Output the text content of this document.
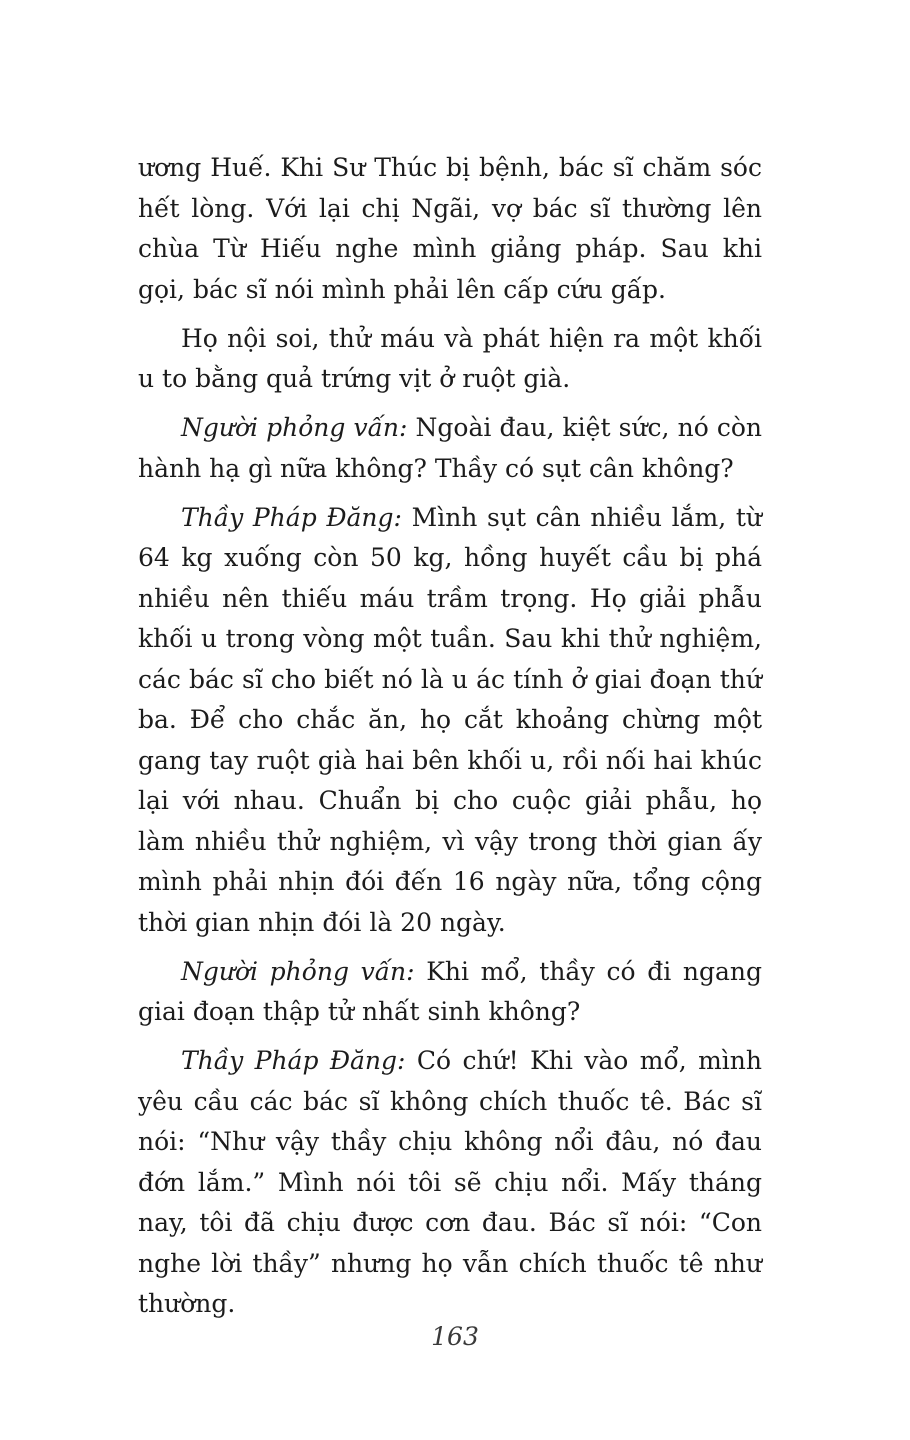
ương Huế. Khi Sư Thúc bị bệnh, bác sĩ chăm sóc hết lòng. Với lại chị Ngãi, vợ bác sĩ thường lên chùa Từ Hiếu nghe mình giảng pháp. Sau khi gọi, bác sĩ nói mình phải lên cấp cứu gấp.

Họ nội soi, thử máu và phát hiện ra một khối u to bằng quả trứng vịt ở ruột già.

Người phỏng vấn: Ngoài đau, kiệt sức, nó còn hành hạ gì nữa không? Thầy có sụt cân không?

Thầy Pháp Đăng: Mình sụt cân nhiều lắm, từ 64 kg xuống còn 50 kg, hồng huyết cầu bị phá nhiều nên thiếu máu trầm trọng. Họ giải phẫu khối u trong vòng một tuần. Sau khi thử nghiệm, các bác sĩ cho biết nó là u ác tính ở giai đoạn thứ ba. Để cho chắc ăn, họ cắt khoảng chừng một gang tay ruột già hai bên khối u, rồi nối hai khúc lại với nhau. Chuẩn bị cho cuộc giải phẫu, họ làm nhiều thử nghiệm, vì vậy trong thời gian ấy mình phải nhịn đói đến 16 ngày nữa, tổng cộng thời gian nhịn đói là 20 ngày.

Người phỏng vấn: Khi mổ, thầy có đi ngang giai đoạn thập tử nhất sinh không?

Thầy Pháp Đăng: Có chứ! Khi vào mổ, mình yêu cầu các bác sĩ không chích thuốc tê. Bác sĩ nói: “Như vậy thầy chịu không nổi đâu, nó đau đớn lắm.” Mình nói tôi sẽ chịu nổi. Mấy tháng nay, tôi đã chịu được cơn đau. Bác sĩ nói: “Con nghe lời thầy” nhưng họ vẫn chích thuốc tê như thường.

163
